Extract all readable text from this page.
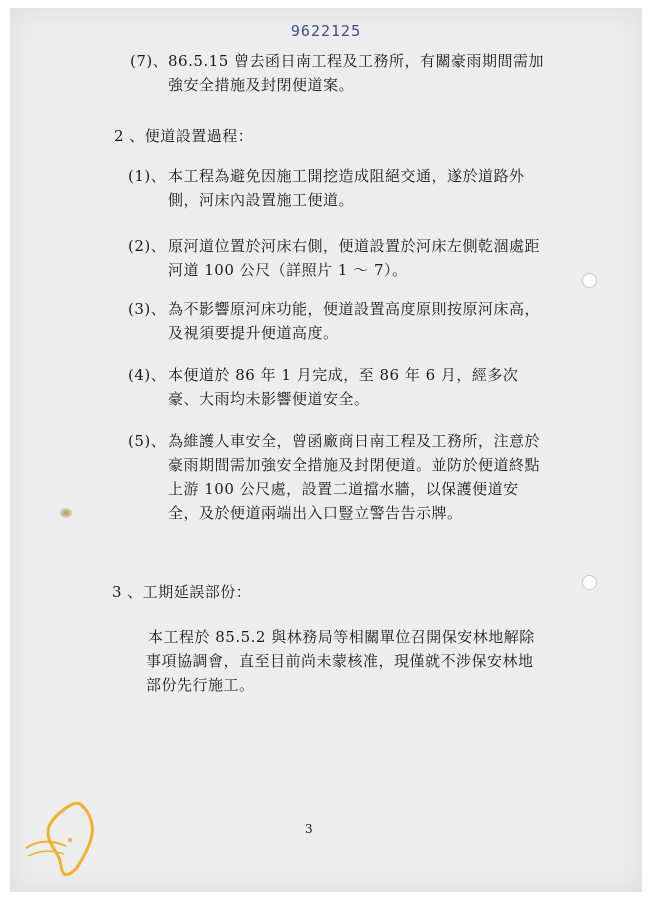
9622125
(7)、 86.5.15 曾去函日南工程及工務所，有關豪雨期間需加強安全措施及封閉便道案。
2 、便道設置過程：
(1)、 本工程為避免因施工開挖造成阻絕交通，遂於道路外側，河床內設置施工便道。
(2)、 原河道位置於河床右側，便道設置於河床左側乾涸處距河道 100 公尺（詳照片 1 ～ 7）。
(3)、 為不影響原河床功能，便道設置高度原則按原河床高，及視須要提升便道高度。
(4)、 本便道於 86 年 1 月完成，至 86 年 6 月，經多次豪、大雨均未影響便道安全。
(5)、 為維護人車安全，曾函廠商日南工程及工務所，注意於豪雨期間需加強安全措施及封閉便道。並防於便道終點上游 100 公尺處，設置二道擋水牆，以保護便道安全，及於便道兩端出入口豎立警告告示牌。
3 、工期延誤部份：
本工程於 85.5.2 與林務局等相關單位召開保安林地解除事項協調會，直至目前尚未蒙核准，現僅就不涉保安林地部份先行施工。
3
